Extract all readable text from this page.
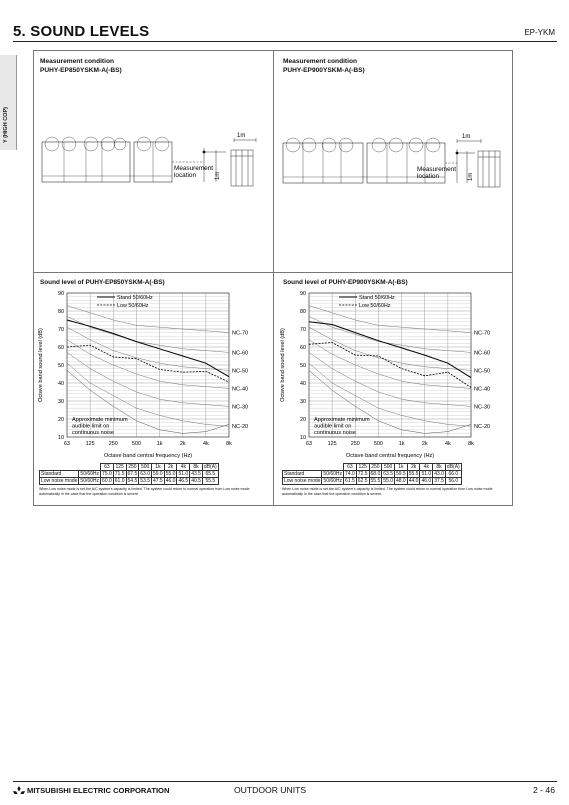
5. SOUND LEVELS	EP-YKM
Y (HIGH COP)
Measurement condition
PUHY-EP850YSKM-A(-BS)
1m
Measurement
location	1m
Measurement condition
PUHY-EP900YSKM-A(-BS)
1m
Measurement
location	1m
Sound level of PUHY-EP850YSKM-A(-BS)	Sound level of PUHY-EP900YSKM-A(-BS)
63	125	250	500	1k	2k	4k	8k
10
20
30
40
50
60
70
80
90
NC-70
NC-60
NC-50
NC-40
NC-30
NC-20
Approximate minimum
audible limit on
continuous noise
Stand 50/60Hz
Low 50/60Hz
Octave band central frequency (Hz)
Octave band sound level (dB)
63	125	250	500	1k	2k	4k	8k
10
20
30
40
50
60
70
80
90
NC-70
NC-60
NC-50
NC-40
NC-30
NC-20
Approximate minimum
audible limit on
continuous noise
Stand 50/60Hz
Low 50/60Hz
Octave band central frequency (Hz)
Octave band sound level (dB)
		63	125	250	500	1k	2k	4k	8k	dB(A)
Standard	50/60Hz	75.0	71.5	67.5	63.0	59.0	55.0	51.0	43.5	65.5
Low noise mode	50/60Hz	60.0	61.0	54.5	53.5	47.5	46.0	46.5	40.5	55.5
When Low noise mode is set,the A/C system's capacity is limited. The system could return to normal operation from Low noise mode automatically in the case that the operation condition is severe.
		63	125	250	500	1k	2k	4k	8k	dB(A)
Standard	50/60Hz	74.0	72.5	68.0	63.5	59.5	55.5	51.0	43.0	66.0
Low noise mode	50/60Hz	61.5	62.5	55.5	55.0	48.0	44.0	46.0	37.5	56.0
When Low noise mode is set,the A/C system's capacity is limited. The system could return to normal operation from Low noise mode automatically in the case that the operation condition is severe.
MITSUBISHI ELECTRIC CORPORATION	OUTDOOR UNITS	2 - 46
